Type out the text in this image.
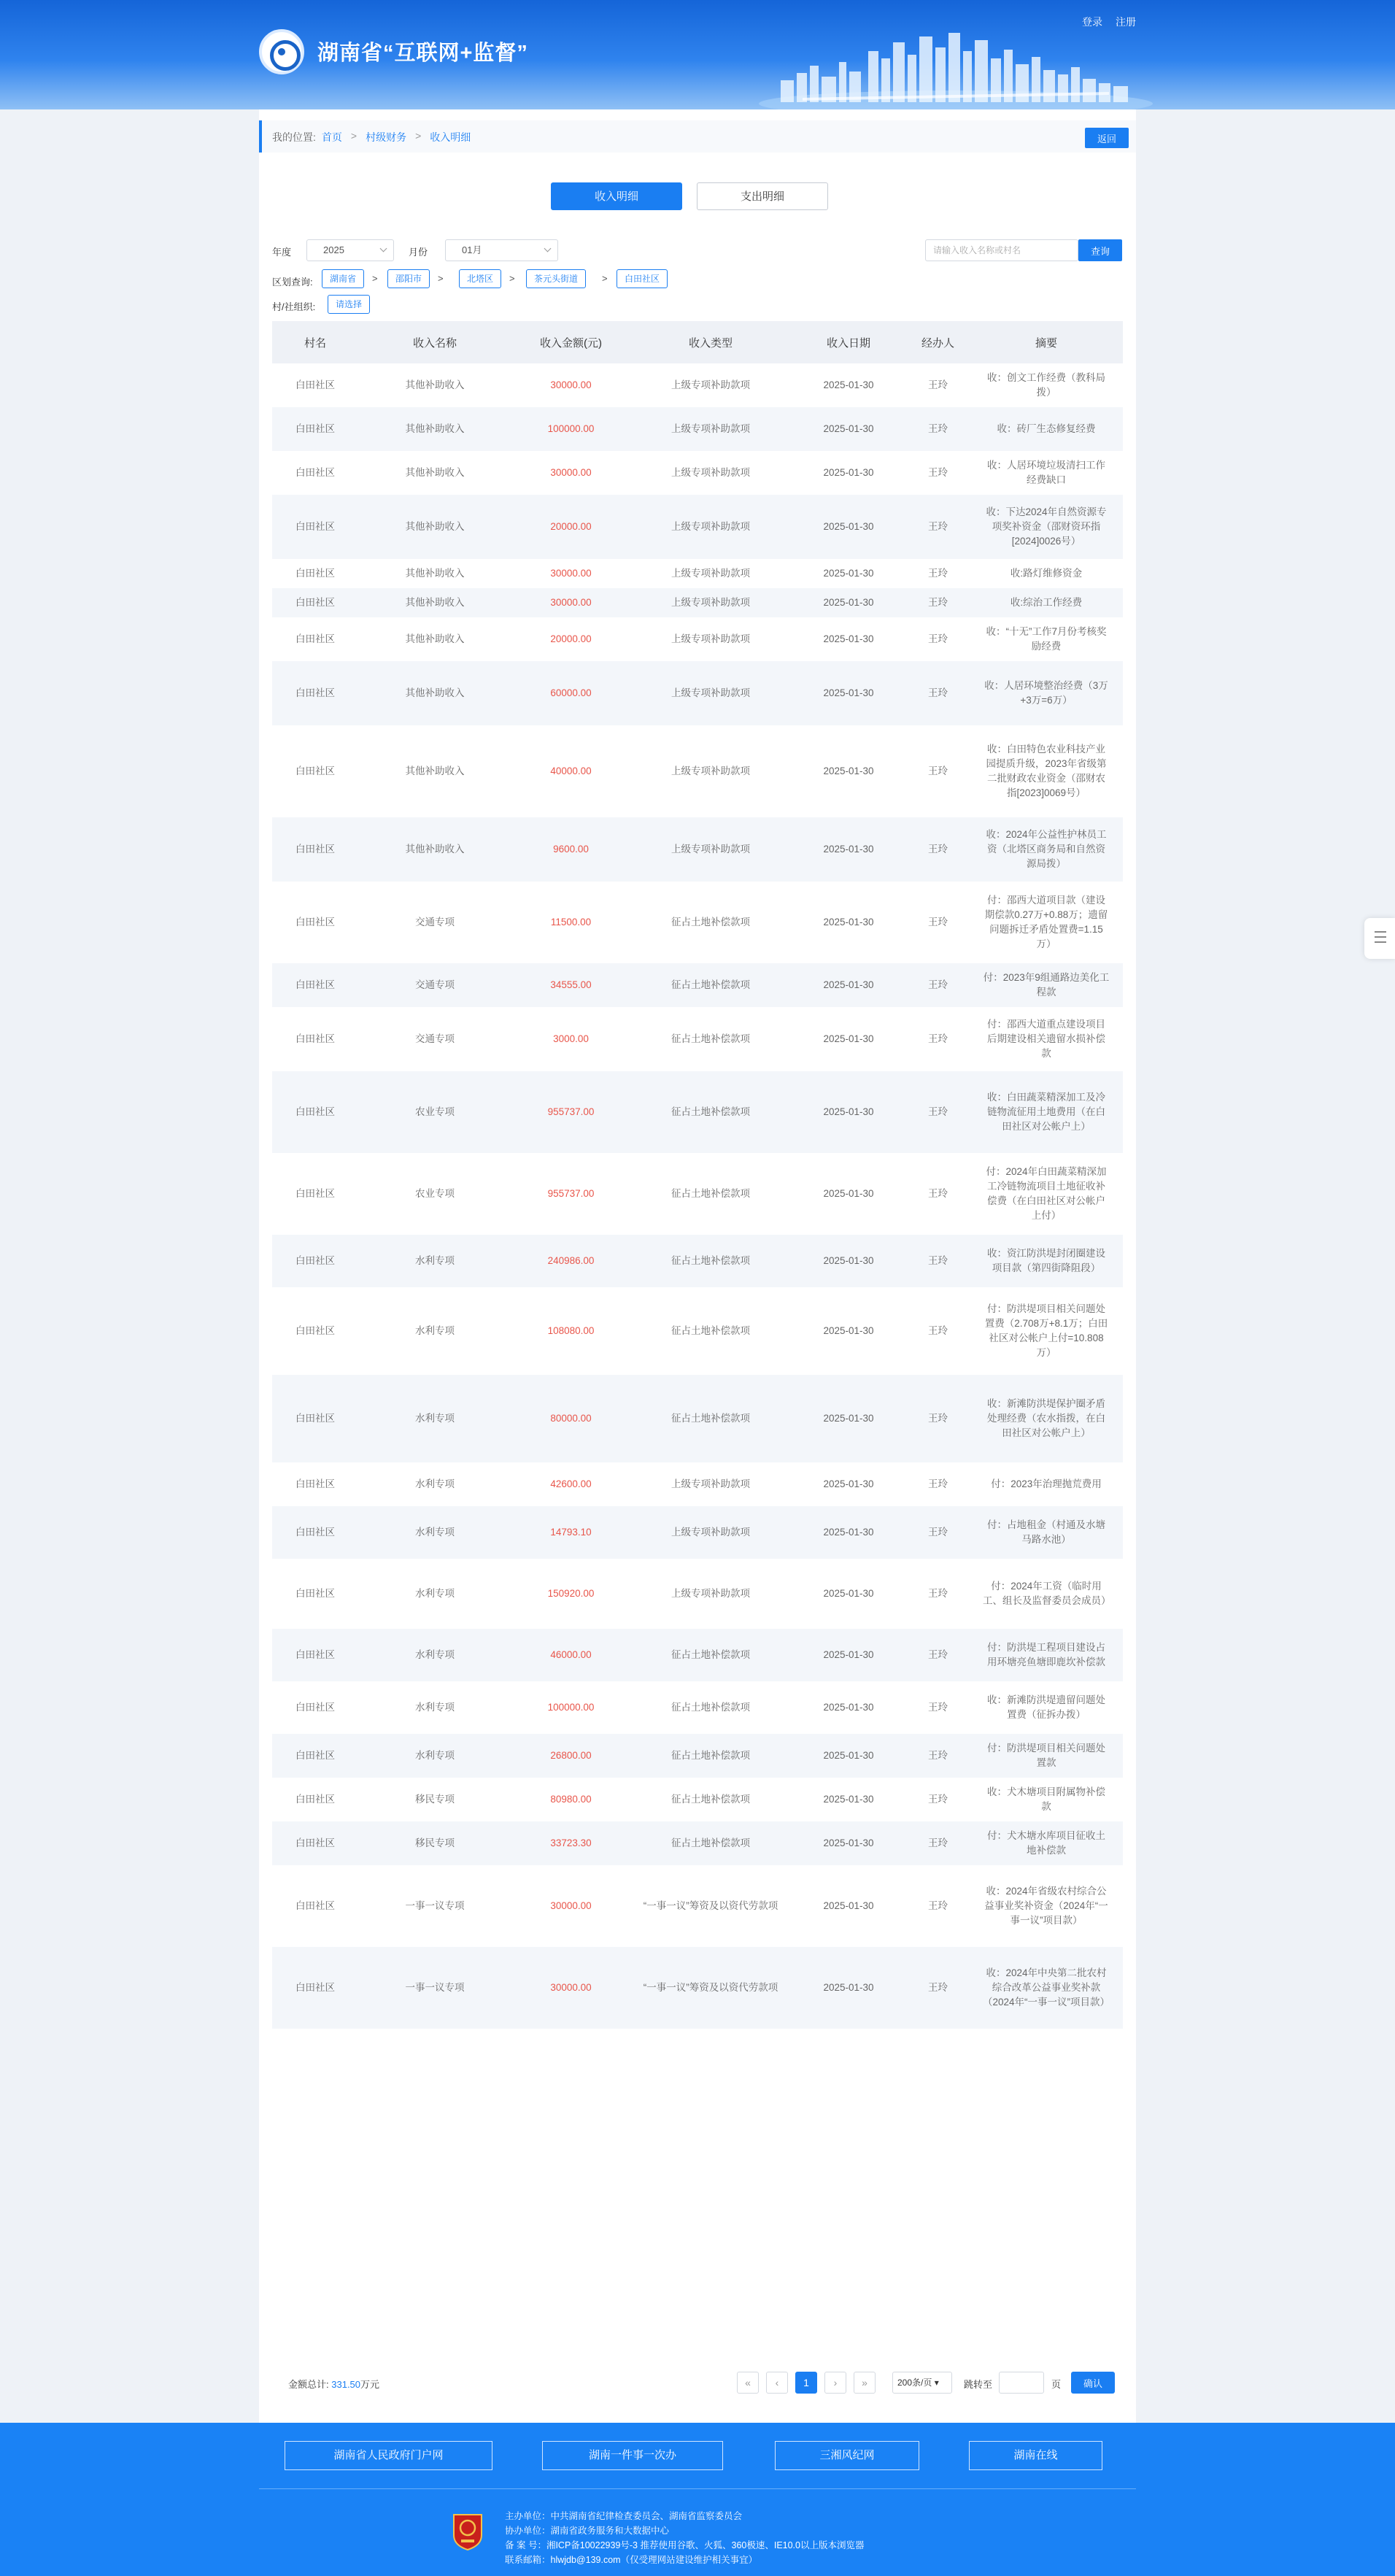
湖南省“互联网+监督”
登录 注册
我的位置: 首页 > 村级财务 > 收入明细	返回
收入明细	支出明细
年度	2025	月份	01月
请输入收入名称或村名	查询
区划查询:	湖南省	>	邵阳市	>	北塔区	>	茶元头街道	>	白田社区
村/社组织:	请选择
村名	收入名称	收入金额(元)	收入类型	收入日期	经办人	摘要
白田社区	其他补助收入	30000.00	上级专项补助款项	2025-01-30	王玲	收：创文工作经费（教科局拨）
白田社区	其他补助收入	100000.00	上级专项补助款项	2025-01-30	王玲	收：砖厂生态修复经费
白田社区	其他补助收入	30000.00	上级专项补助款项	2025-01-30	王玲	收：人居环境垃圾清扫工作经费缺口
白田社区	其他补助收入	20000.00	上级专项补助款项	2025-01-30	王玲	收：下达2024年自然资源专项奖补资金（邵财资环指[2024]0026号）
白田社区	其他补助收入	30000.00	上级专项补助款项	2025-01-30	王玲	收:路灯维修资金
白田社区	其他补助收入	30000.00	上级专项补助款项	2025-01-30	王玲	收:综治工作经费
白田社区	其他补助收入	20000.00	上级专项补助款项	2025-01-30	王玲	收：“十无”工作7月份考核奖励经费
白田社区	其他补助收入	60000.00	上级专项补助款项	2025-01-30	王玲	收：人居环境整治经费（3万+3万=6万）
白田社区	其他补助收入	40000.00	上级专项补助款项	2025-01-30	王玲	收：白田特色农业科技产业园提质升级，2023年省级第二批财政农业资金（邵财农指[2023]0069号）
白田社区	其他补助收入	9600.00	上级专项补助款项	2025-01-30	王玲	收：2024年公益性护林员工资（北塔区商务局和自然资源局拨）
白田社区	交通专项	11500.00	征占土地补偿款项	2025-01-30	王玲	付：邵西大道项目款（建设期偿款0.27万+0.88万；遗留问题拆迁矛盾处置费=1.15万）
白田社区	交通专项	34555.00	征占土地补偿款项	2025-01-30	王玲	付：2023年9组通路边美化工程款
白田社区	交通专项	3000.00	征占土地补偿款项	2025-01-30	王玲	付：邵西大道重点建设项目后期建设相关遗留水损补偿款
白田社区	农业专项	955737.00	征占土地补偿款项	2025-01-30	王玲	收：白田蔬菜精深加工及冷链物流征用土地费用（在白田社区对公帐户上）
白田社区	农业专项	955737.00	征占土地补偿款项	2025-01-30	王玲	付：2024年白田蔬菜精深加工冷链物流项目土地征收补偿费（在白田社区对公帐户上付）
白田社区	水利专项	240986.00	征占土地补偿款项	2025-01-30	王玲	收：资江防洪堤封闭圈建设项目款（第四街降阻段）
白田社区	水利专项	108080.00	征占土地补偿款项	2025-01-30	王玲	付：防洪堤项目相关问题处置费（2.708万+8.1万；白田社区对公帐户上付=10.808万）
白田社区	水利专项	80000.00	征占土地补偿款项	2025-01-30	王玲	收：新滩防洪堤保护圈矛盾处理经费（农水指拨，在白田社区对公帐户上）
白田社区	水利专项	42600.00	上级专项补助款项	2025-01-30	王玲	付：2023年治理抛荒费用
白田社区	水利专项	14793.10	上级专项补助款项	2025-01-30	王玲	付：占地租金（村通及水塘马路水池）
白田社区	水利专项	150920.00	上级专项补助款项	2025-01-30	王玲	付：2024年工资（临时用工、组长及监督委员会成员）
白田社区	水利专项	46000.00	征占土地补偿款项	2025-01-30	王玲	付：防洪堤工程项目建设占用环塘亮鱼塘即鹿坎补偿款
白田社区	水利专项	100000.00	征占土地补偿款项	2025-01-30	王玲	收：新滩防洪堤遗留问题处置费（征拆办拨）
白田社区	水利专项	26800.00	征占土地补偿款项	2025-01-30	王玲	付：防洪堤项目相关问题处置款
白田社区	移民专项	80980.00	征占土地补偿款项	2025-01-30	王玲	收：犬木塘项目附属物补偿款
白田社区	移民专项	33723.30	征占土地补偿款项	2025-01-30	王玲	付：犬木塘水库项目征收土地补偿款
白田社区	一事一议专项	30000.00	“一事一议”筹资及以资代劳款项	2025-01-30	王玲	收：2024年省级农村综合公益事业奖补资金（2024年“一事一议”项目款）
白田社区	一事一议专项	30000.00	“一事一议”筹资及以资代劳款项	2025-01-30	王玲	收：2024年中央第二批农村综合改革公益事业奖补款（2024年“一事一议”项目款）
金额总计: 331.50万元	«	‹	1	›	»	200条/页 ▾	跳转至	页	确认
湖南省人民政府门户网	湖南一件事一次办	三湘风纪网	湖南在线
主办单位：中共湖南省纪律检查委员会、湖南省监察委员会
协办单位：湖南省政务服务和大数据中心
备 案 号：湘ICP备10022939号-3 推荐使用谷歌、火狐、360极速、IE10.0以上版本浏览器
联系邮箱：hlwjdb@139.com（仅受理网站建设维护相关事宜）
